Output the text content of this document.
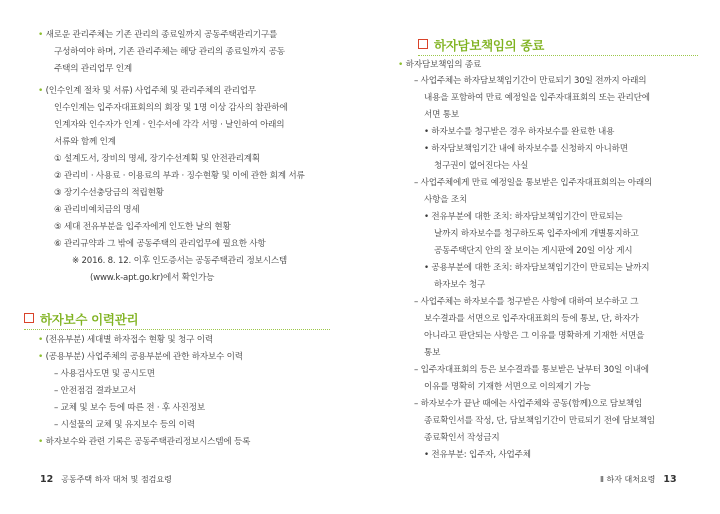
하자보수 이력관리
• 새로운 관리주체는 기존 관리의 종료일까지 공동주택관리기구를
구성하여야 하며, 기존 관리주체는 해당 관리의 종료일까지 공동
주택의 관리업무 인계
• (인수인계 절차 및 서류) 사업주체 및 관리주체의 관리업무
인수인계는 입주자대표회의의 회장 및 1명 이상 감사의 참관하에
인계자와 인수자가 인계 · 인수서에 각각 서명 · 날인하여 아래의
서류와 함께 인계
① 설계도서, 장비의 명세, 장기수선계획 및 안전관리계획
② 관리비 · 사용료 · 이용료의 부과 · 징수현황 및 이에 관한 회계 서류
③ 장기수선충당금의 적립현황
④ 관리비예치금의 명세
⑤ 세대 전유부분을 입주자에게 인도한 날의 현황
⑥ 관리규약과 그 밖에 공동주택의 관리업무에 필요한 사항
※ 2016. 8. 12. 이후 인도증서는 공동주택관리 정보시스템
(www.k-apt.go.kr)에서 확인가능
• (전유부분) 세대별 하자접수 현황 및 청구 이력
• (공용부분) 사업주체의 공용부분에 관한 하자보수 이력
– 사용검사도면 및 공시도면
– 안전점검 결과보고서
– 교체 및 보수 등에 따른 전 · 후 사진정보
– 시설물의 교체 및 유지보수 등의 이력
• 하자보수와 관련 기록은 공동주택관리정보시스템에 등록
하자담보책임의 종료
• 하자담보책임의 종료
– 사업주체는 하자담보책임기간이 만료되기 30일 전까지 아래의
내용을 포함하여 만료 예정일을 입주자대표회의 또는 관리단에
서면 통보
• 하자보수를 청구받은 경우 하자보수를 완료한 내용
• 하자담보책임기간 내에 하자보수를 신청하지 아니하면
청구권이 없어진다는 사실
– 사업주체에게 만료 예정일을 통보받은 입주자대표회의는 아래의
사항을 조치
• 전유부분에 대한 조치: 하자담보책임기간이 만료되는
날까지 하자보수를 청구하도록 입주자에게 개별통지하고
공동주택단지 안의 잘 보이는 게시판에 20일 이상 게시
• 공용부분에 대한 조치: 하자담보책임기간이 만료되는 날까지
하자보수 청구
– 사업주체는 하자보수를 청구받은 사항에 대하여 보수하고 그
보수결과를 서면으로 입주자대표회의 등에 통보, 단, 하자가
아니라고 판단되는 사항은 그 이유를 명확하게 기재한 서면을
통보
– 입주자대표회의 등은 보수결과를 통보받은 날부터 30일 이내에
이유를 명확히 기재한 서면으로 이의제기 가능
– 하자보수가 끝난 때에는 사업주체와 공동(함께)으로 담보책임
종료확인서를 작성, 단, 담보책임기간이 만료되기 전에 담보책임
종료확인서 작성금지
• 전유부분: 입주자, 사업주체
12 공동주택 하자 대처 및 점검요령	Ⅱ 하자 대처요령 13
